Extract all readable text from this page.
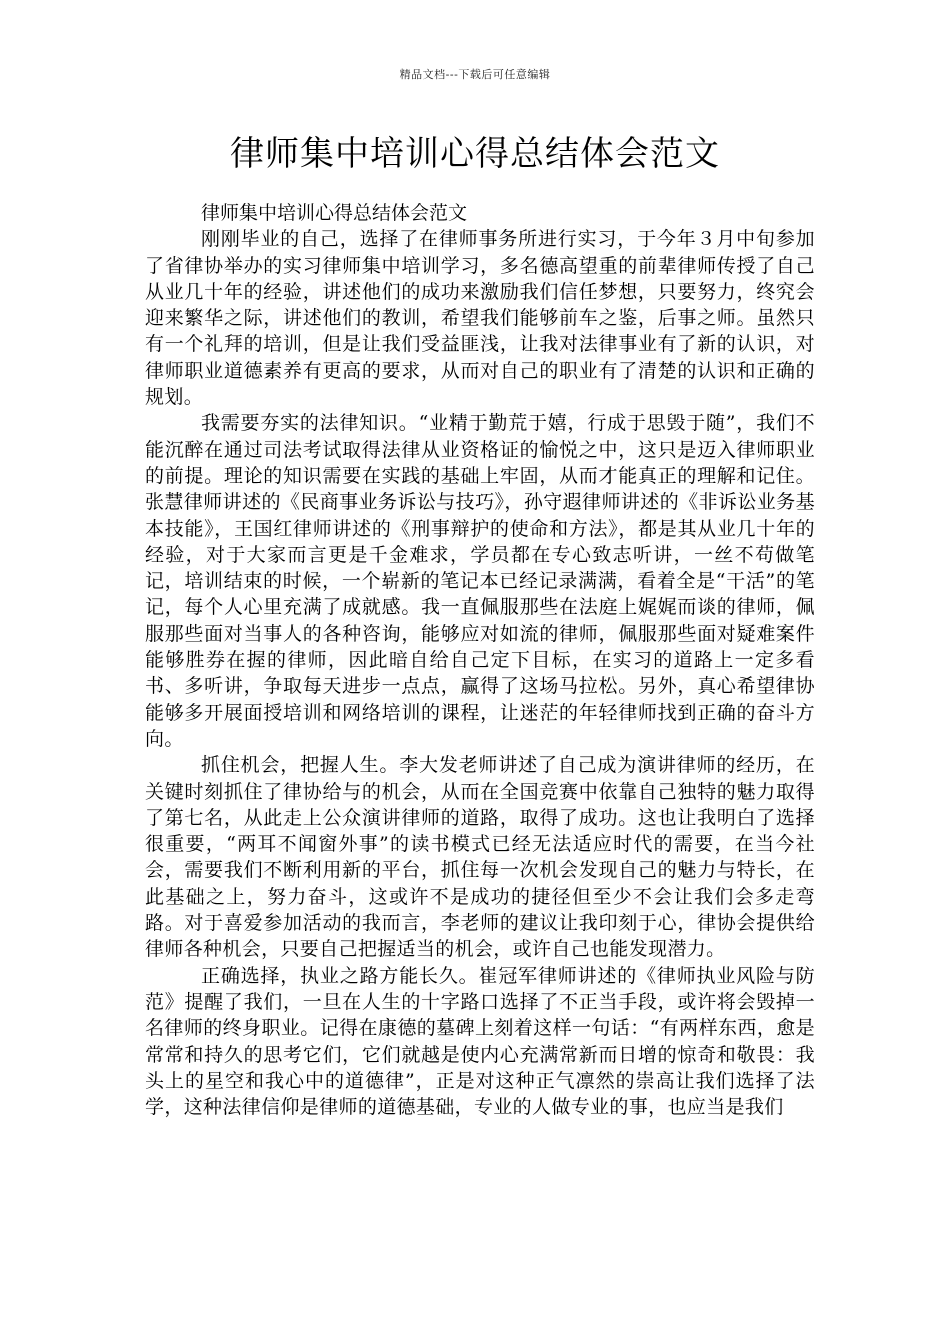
精品文档---下载后可任意编辑
律师集中培训心得总结体会范文

律师集中培训心得总结体会范文

刚刚毕业的自己，选择了在律师事务所进行实习，于今年３月中旬参加了省律协举办的实习律师集中培训学习，多名德高望重的前辈律师传授了自己从业几十年的经验，讲述他们的成功来激励我们信任梦想，只要努力，终究会迎来繁华之际，讲述他们的教训，希望我们能够前车之鉴，后事之师。虽然只有一个礼拜的培训，但是让我们受益匪浅，让我对法律事业有了新的认识，对律师职业道德素养有更高的要求，从而对自己的职业有了清楚的认识和正确的规划。

我需要夯实的法律知识。“业精于勤荒于嬉，行成于思毁于随”，我们不能沉醉在通过司法考试取得法律从业资格证的愉悦之中，这只是迈入律师职业的前提。理论的知识需要在实践的基础上牢固，从而才能真正的理解和记住。张慧律师讲述的《民商事业务诉讼与技巧》，孙守遐律师讲述的《非诉讼业务基本技能》，王国红律师讲述的《刑事辩护的使命和方法》，都是其从业几十年的经验，对于大家而言更是千金难求，学员都在专心致志听讲，一丝不苟做笔记，培训结束的时候，一个崭新的笔记本已经记录满满，看着全是“干活”的笔记，每个人心里充满了成就感。我一直佩服那些在法庭上娓娓而谈的律师，佩服那些面对当事人的各种咨询，能够应对如流的律师，佩服那些面对疑难案件能够胜券在握的律师，因此暗自给自己定下目标，在实习的道路上一定多看书、多听讲，争取每天进步一点点，赢得了这场马拉松。另外，真心希望律协能够多开展面授培训和网络培训的课程，让迷茫的年轻律师找到正确的奋斗方向。

抓住机会，把握人生。李大发老师讲述了自己成为演讲律师的经历，在关键时刻抓住了律协给与的机会，从而在全国竞赛中依靠自己独特的魅力取得了第七名，从此走上公众演讲律师的道路，取得了成功。这也让我明白了选择很重要，“两耳不闻窗外事”的读书模式已经无法适应时代的需要，在当今社会，需要我们不断利用新的平台，抓住每一次机会发现自己的魅力与特长，在此基础之上，努力奋斗，这或许不是成功的捷径但至少不会让我们会多走弯路。对于喜爱参加活动的我而言，李老师的建议让我印刻于心，律协会提供给律师各种机会，只要自己把握适当的机会，或许自己也能发现潜力。

正确选择，执业之路方能长久。崔冠军律师讲述的《律师执业风险与防范》提醒了我们，一旦在人生的十字路口选择了不正当手段，或许将会毁掉一名律师的终身职业。记得在康德的墓碑上刻着这样一句话：“有两样东西，愈是常常和持久的思考它们，它们就越是使内心充满常新而日增的惊奇和敬畏：我头上的星空和我心中的道德律”，正是对这种正气凛然的崇高让我们选择了法学，这种法律信仰是律师的道德基础，专业的人做专业的事，也应当是我们
